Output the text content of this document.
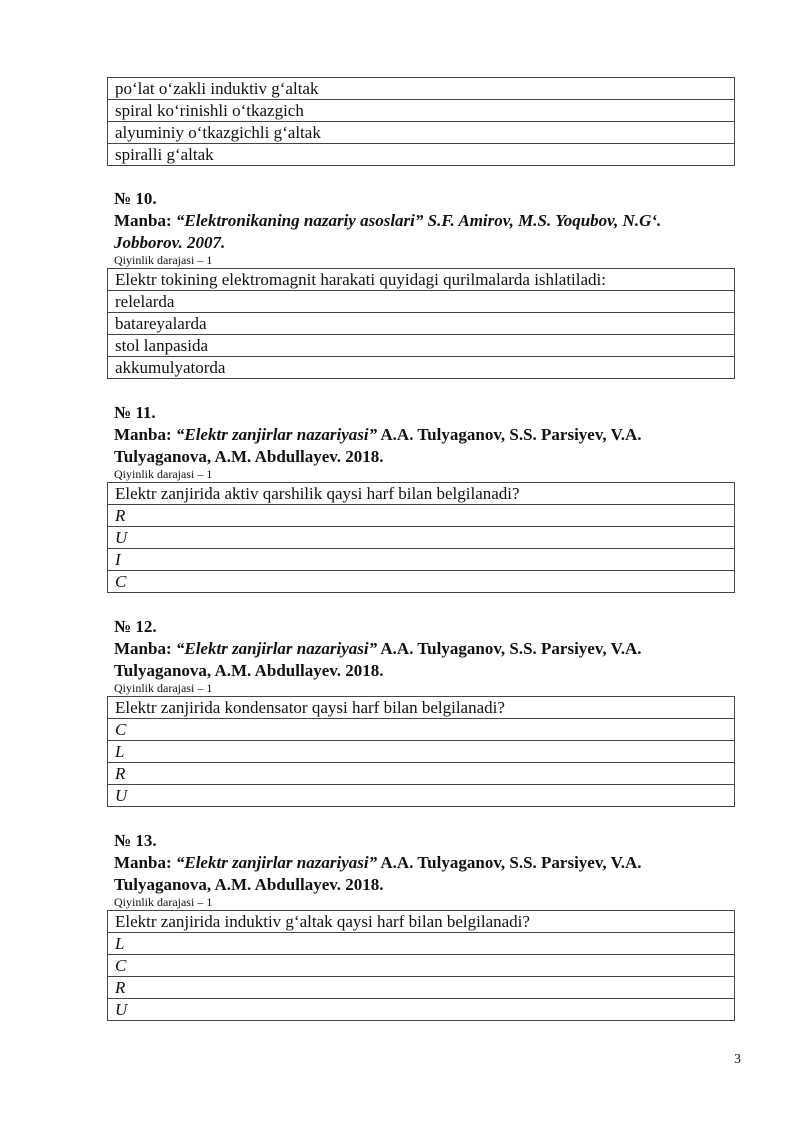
po‘lat o‘zakli induktiv g‘altak
spiral ko‘rinishli o‘tkazgich
alyuminiy o‘tkazgichli g‘altak
spiralli g‘altak
№ 10.
Manba: “Elektronikaning nazariy asoslari” S.F. Amirov, M.S. Yoqubov, N.G‘.
Jobborov. 2007.
Qiyinlik darajasi – 1
Elektr tokining elektromagnit harakati quyidagi qurilmalarda ishlatiladi:
relelarda
batareyalarda
stol lanpasida
akkumulyatorda
№ 11.
Manba: “Elektr zanjirlar nazariyasi” A.A. Tulyaganov, S.S. Parsiyev, V.A.
Tulyaganova, A.M. Abdullayev. 2018.
Qiyinlik darajasi – 1
Elektr zanjirida aktiv qarshilik qaysi harf bilan belgilanadi?
R
U
I
C
№ 12.
Manba: “Elektr zanjirlar nazariyasi” A.A. Tulyaganov, S.S. Parsiyev, V.A.
Tulyaganova, A.M. Abdullayev. 2018.
Qiyinlik darajasi – 1
Elektr zanjirida kondensator qaysi harf bilan belgilanadi?
C
L
R
U
№ 13.
Manba: “Elektr zanjirlar nazariyasi” A.A. Tulyaganov, S.S. Parsiyev, V.A.
Tulyaganova, A.M. Abdullayev. 2018.
Qiyinlik darajasi – 1
Elektr zanjirida induktiv g‘altak qaysi harf bilan belgilanadi?
L
C
R
U
3
